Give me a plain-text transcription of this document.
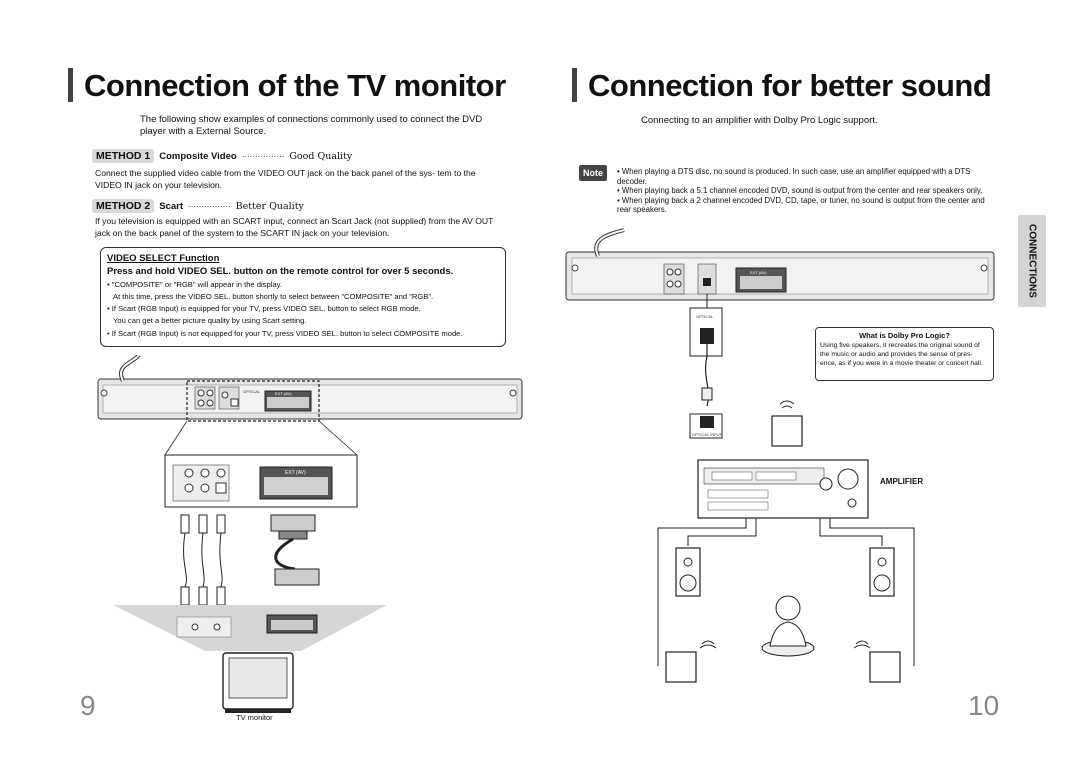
Connection of the TV monitor
The following show examples of connections commonly used to connect the DVD player with a External Source.
METHOD 1 Composite Video ················ Good Quality
Connect the supplied video cable from the VIDEO OUT jack on the back panel of the sys- tem to the VIDEO IN jack on your television.
METHOD 2 Scart ················ Better Quality
If you television is equipped with an SCART input, connect an Scart Jack (not supplied) from the AV OUT jack on the back panel of the system to the SCART IN jack on your television.
VIDEO SELECT Function
Press and hold VIDEO SEL. button on the remote control for over 5 seconds.
• "COMPOSITE" or "RGB" will appear in the display.
At this time, press the VIDEO SEL. button shortly to select between "COMPOSITE" and "RGB".
• If Scart (RGB Input) is equipped for your TV, press VIDEO SEL. button to select RGB mode.
You can get a better picture quality by using Scart setting.
• If Scart (RGB Input) is not equipped for your TV, press VIDEO SEL. button to select COMPOSITE mode.
OPTICAL	EXT (AV)
EXT (AV)
TV monitor
9
Connection for better sound
Connecting to an amplifier with Dolby Pro Logic support.
Note	• When playing a DTS disc, no sound is produced. In such case, use an amplifier equipped with a DTS decoder.
• When playing back a 5.1 channel encoded DVD, sound is output from the center and rear speakers only.
• When playing back a 2 channel encoded DVD, CD, tape, or tuner, no sound is output from the center and rear speakers.
EXT (AV)
OPTICAL
OPTICAL INPUT
AMPLIFIER
What is Dolby Pro Logic?
Using five speakers, it recreates the original sound of the music or audio and provides the sense of pres- ence, as if you were in a movie theater or concert hall.
CONNECTIONS
10
